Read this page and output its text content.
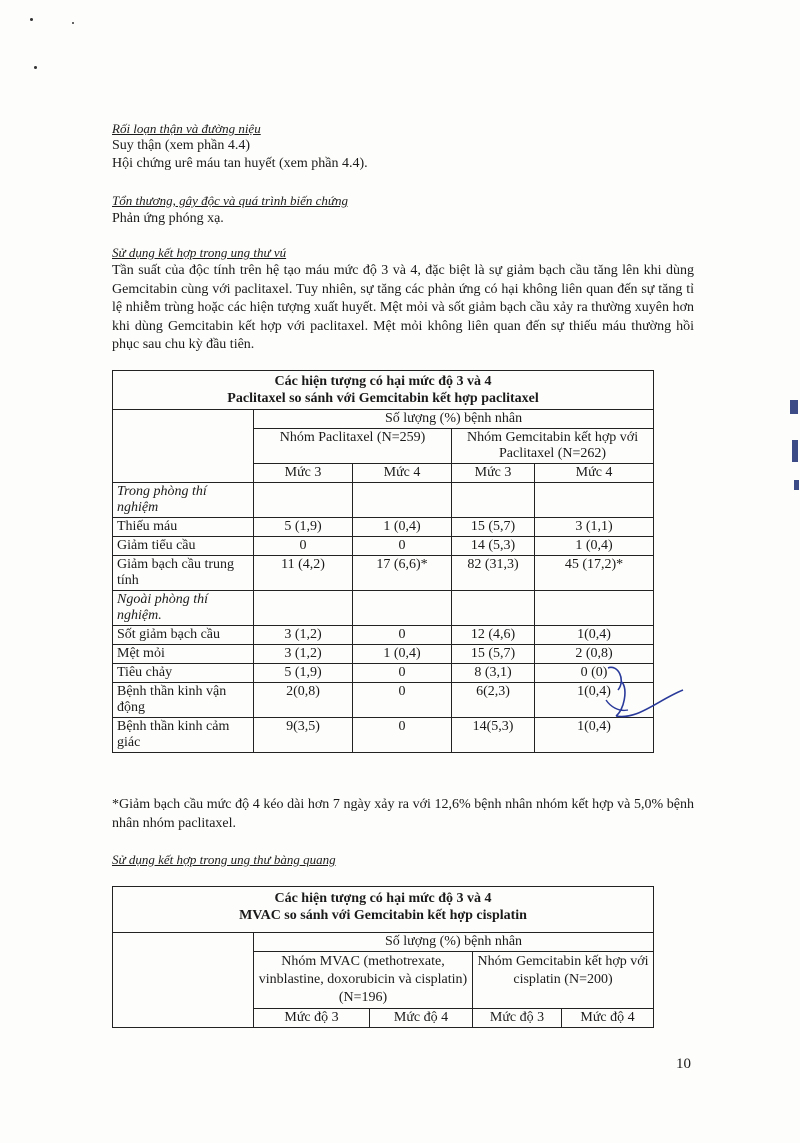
Rối loạn thận và đường niệu
Suy thận (xem phần 4.4)
Hội chứng urê máu tan huyết (xem phần 4.4).
Tổn thương, gây độc và quá trình biến chứng
Phản ứng phóng xạ.
Sử dụng kết hợp trong ung thư vú
Tần suất của độc tính trên hệ tạo máu mức độ 3 và 4, đặc biệt là sự giảm bạch cầu tăng lên khi dùng Gemcitabin cùng với paclitaxel. Tuy nhiên, sự tăng các phản ứng có hại không liên quan đến sự tăng tỉ lệ nhiễm trùng hoặc các hiện tượng xuất huyết. Mệt mỏi và sốt giảm bạch cầu xảy ra thường xuyên hơn khi dùng Gemcitabin kết hợp với paclitaxel. Mệt mỏi không liên quan đến sự thiếu máu thường hồi phục sau chu kỳ đầu tiên.
Các hiện tượng có hại mức độ 3 và 4
Paclitaxel so sánh với Gemcitabin kết hợp paclitaxel				

	Số lượng (%) bệnh nhân			
	Nhóm Paclitaxel (N=259)		Nhóm Gemcitabin kết hợp với Paclitaxel (N=262)	
	Mức 3	Mức 4	Mức 3	Mức 4
Trong phòng thí nghiệm				
Thiếu máu	5 (1,9)	1 (0,4)	15 (5,7)	3 (1,1)
Giảm tiểu cầu	0	0	14 (5,3)	1 (0,4)
Giảm bạch cầu trung tính	11 (4,2)	17 (6,6)*	82 (31,3)	45 (17,2)*
Ngoài phòng thí nghiệm.				
Sốt giảm bạch cầu	3 (1,2)	0	12 (4,6)	1(0,4)
Mệt mỏi	3 (1,2)	1 (0,4)	15 (5,7)	2 (0,8)
Tiêu chảy	5 (1,9)	0	8 (3,1)	0 (0)
Bệnh thần kinh vận động	2(0,8)	0	6(2,3)	1(0,4)
Bệnh thần kinh cảm giác	9(3,5)	0	14(5,3)	1(0,4)
*Giảm bạch cầu mức độ 4 kéo dài hơn 7 ngày xảy ra với 12,6% bệnh nhân nhóm kết hợp và 5,0% bệnh nhân nhóm paclitaxel.
Sử dụng kết hợp trong ung thư bàng quang
Các hiện tượng có hại mức độ 3 và 4
MVAC so sánh với Gemcitabin kết hợp cisplatin				

	Số lượng (%) bệnh nhân			
	Nhóm MVAC (methotrexate, vinblastine, doxorubicin và cisplatin) (N=196)		Nhóm Gemcitabin kết hợp với cisplatin (N=200)	
	Mức độ 3	Mức độ 4	Mức độ 3	Mức độ 4
10
